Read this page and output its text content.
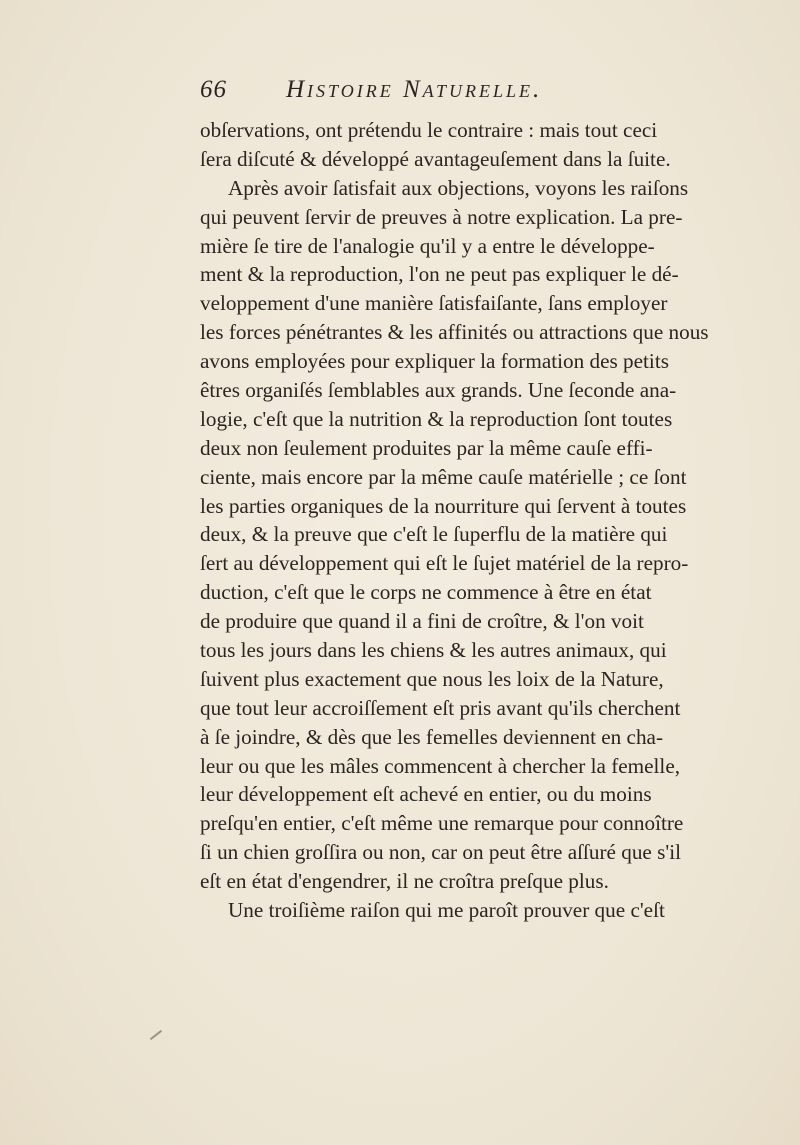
66 Histoire Naturelle.
obſervations, ont prétendu le contraire : mais tout ceci
ſera diſcuté & développé avantageuſement dans la ſuite.
Après avoir ſatisfait aux objections, voyons les raiſons
qui peuvent ſervir de preuves à notre explication. La pre-
mière ſe tire de l'analogie qu'il y a entre le développe-
ment & la reproduction, l'on ne peut pas expliquer le dé-
veloppement d'une manière ſatisfaiſante, ſans employer
les forces pénétrantes & les affinités ou attractions que nous
avons employées pour expliquer la formation des petits
êtres organiſés ſemblables aux grands. Une ſeconde ana-
logie, c'eſt que la nutrition & la reproduction ſont toutes
deux non ſeulement produites par la même cauſe effi-
ciente, mais encore par la même cauſe matérielle ; ce ſont
les parties organiques de la nourriture qui ſervent à toutes
deux, & la preuve que c'eſt le ſuperflu de la matière qui
ſert au développement qui eſt le ſujet matériel de la repro-
duction, c'eſt que le corps ne commence à être en état
de produire que quand il a fini de croître, & l'on voit
tous les jours dans les chiens & les autres animaux, qui
ſuivent plus exactement que nous les loix de la Nature,
que tout leur accroiſſement eſt pris avant qu'ils cherchent
à ſe joindre, & dès que les femelles deviennent en cha-
leur ou que les mâles commencent à chercher la femelle,
leur développement eſt achevé en entier, ou du moins
preſqu'en entier, c'eſt même une remarque pour connoître
ſi un chien groſſira ou non, car on peut être aſſuré que s'il
eſt en état d'engendrer, il ne croîtra preſque plus.
Une troiſième raiſon qui me paroît prouver que c'eſt
